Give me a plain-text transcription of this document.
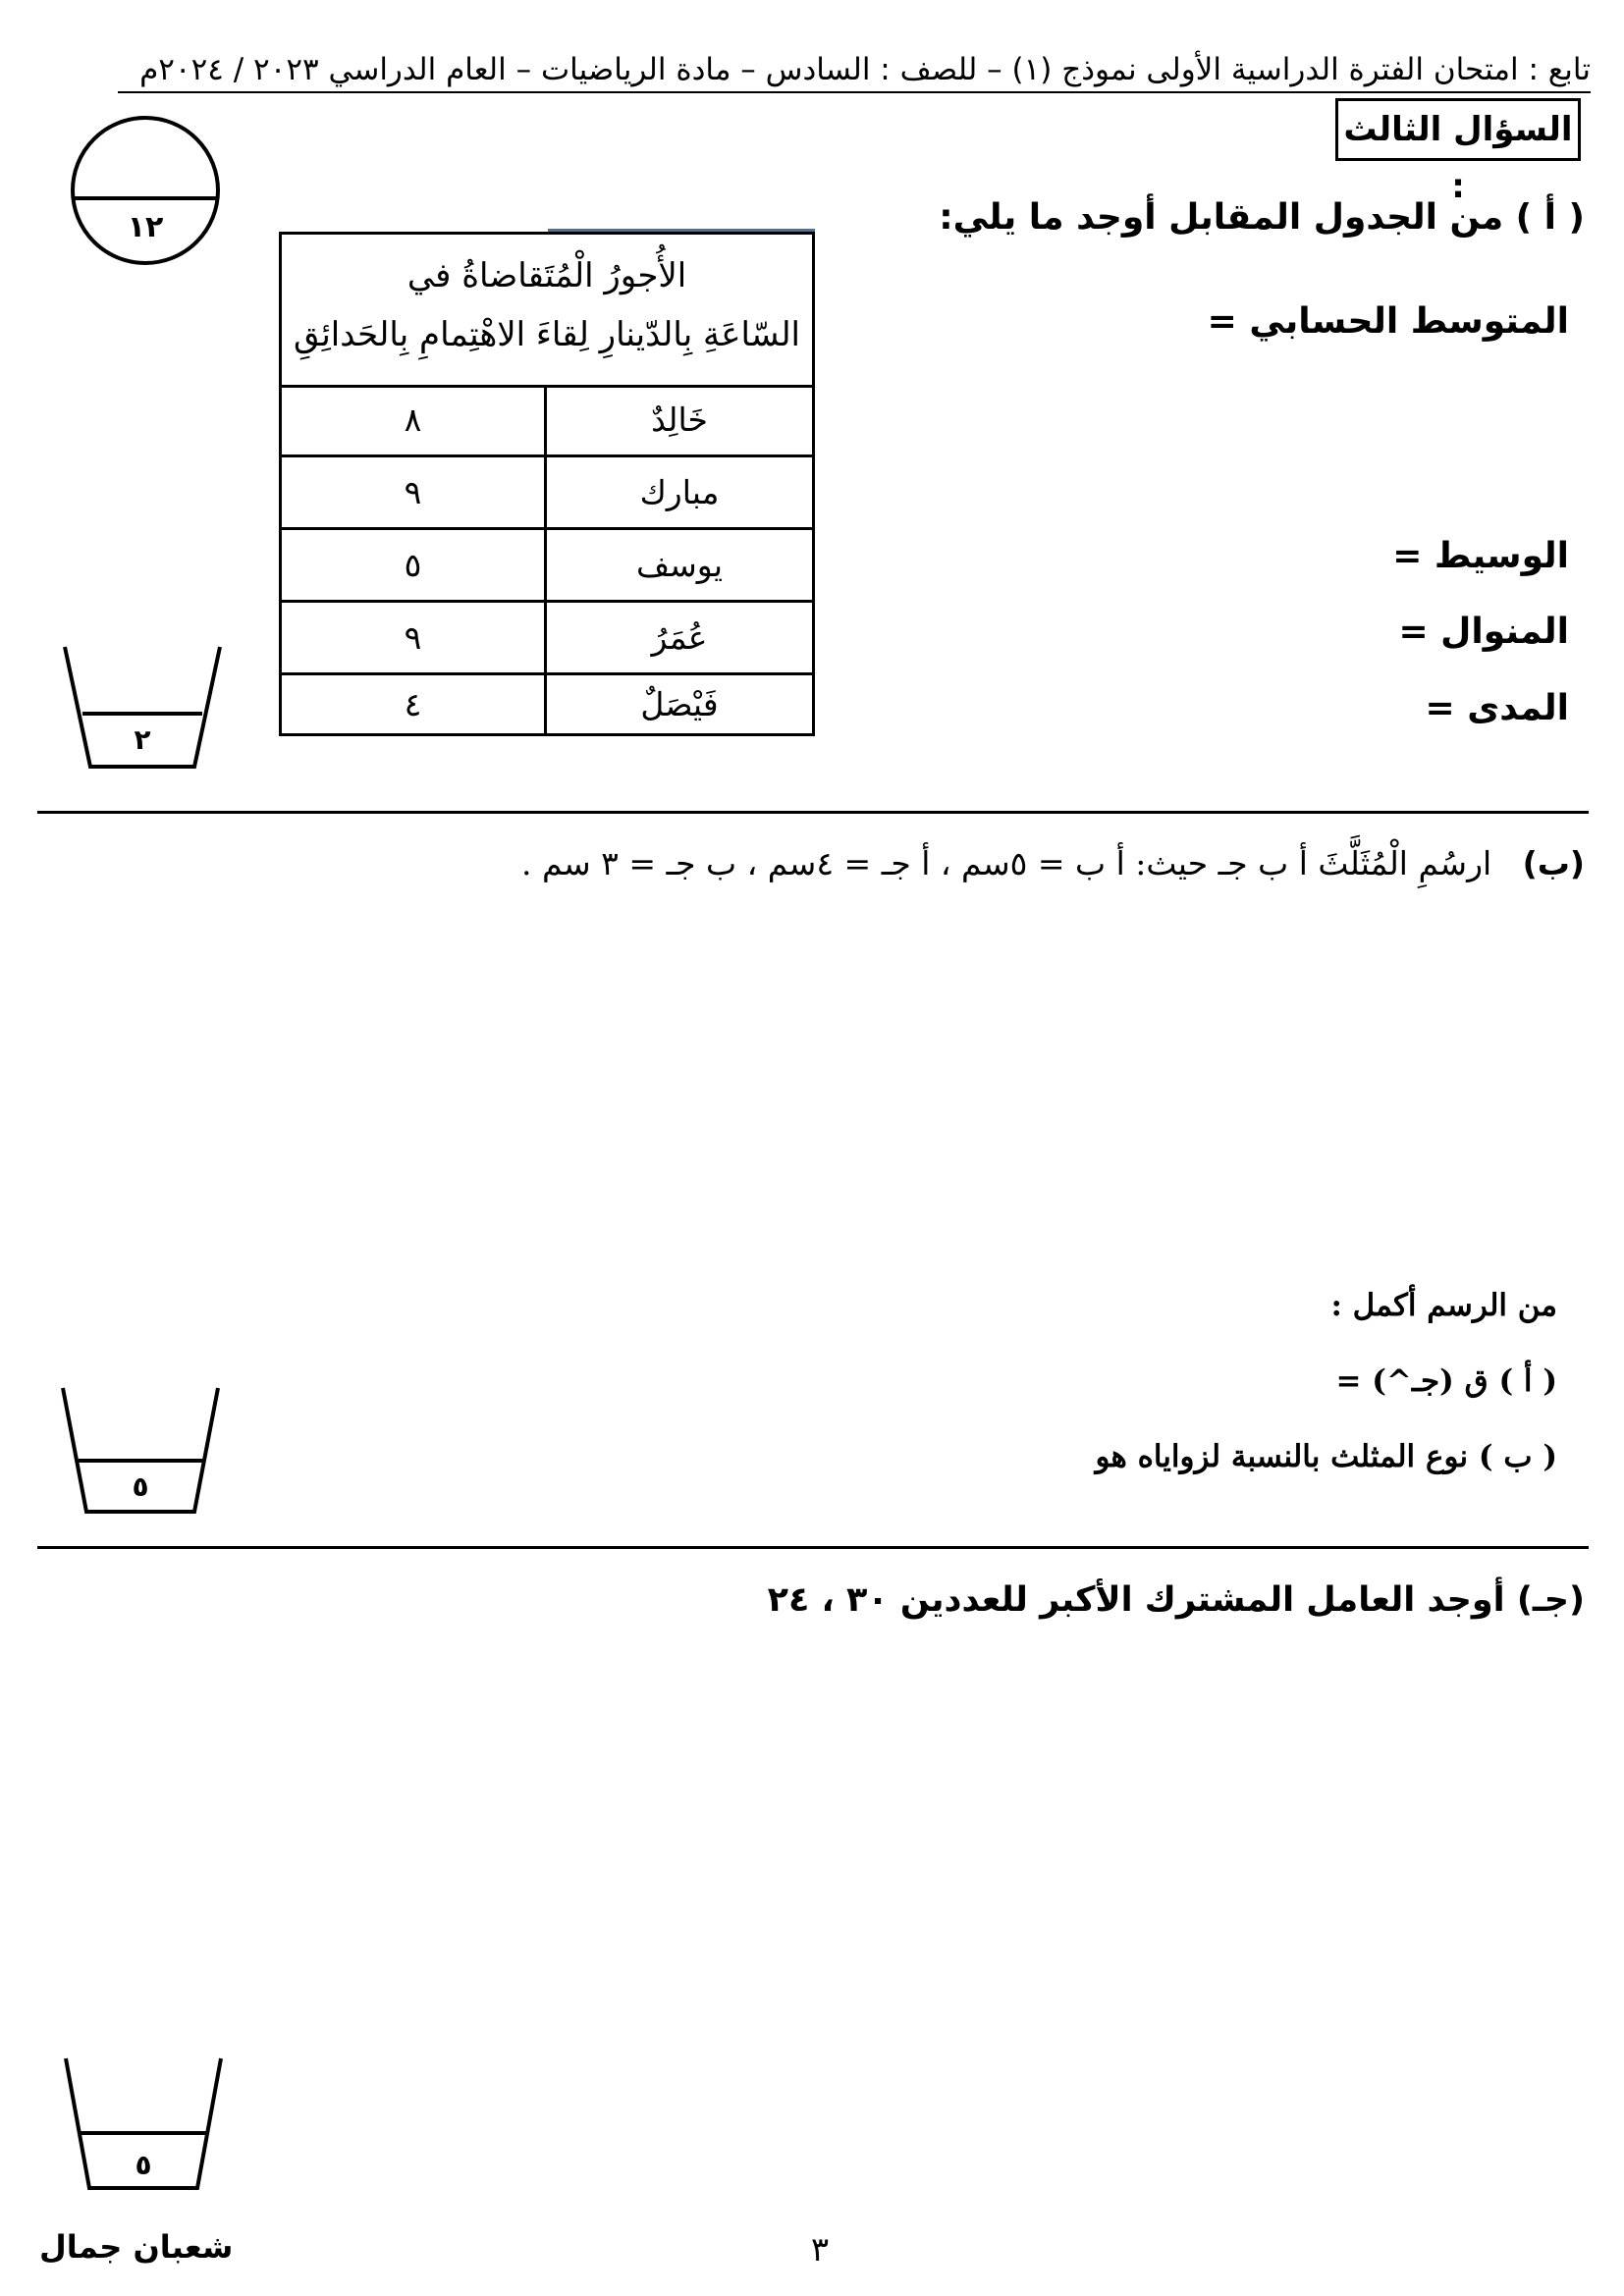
تابع : امتحان الفترة الدراسية الأولى نموذج (١) – للصف : السادس – مادة الرياضيات – العام الدراسي ٢٠٢٣ / ٢٠٢٤م
السؤال الثالث :
١٢	( أ ) من الجدول المقابل أوجد ما يلي:
المتوسط الحسابي =
الوسيط =
المنوال =
المدى =
الأُجورُ الْمُتَقاضاةُ في
السّاعَةِ بِالدّينارِ لِقاءَ الاهْتِمامِ بِالحَدائِقِ
خَالِدٌ
٨
مبارك
٩
يوسف
٥
عُمَرُ
٩
فَيْصَلٌ
٤
٢
(ب)   ارسُمِ الْمُثَلَّثَ أ ب جـ حيث: أ ب = ٥سم ، أ جـ = ٤سم ، ب جـ = ٣ سم .
من الرسم أكمل :
( أ ) ق (جـ^) =
( ب ) نوع المثلث بالنسبة لزواياه هو
٥
(جـ) أوجد العامل المشترك الأكبر للعددين ٣٠ ، ٢٤
٥
٣
شعبان جمال
